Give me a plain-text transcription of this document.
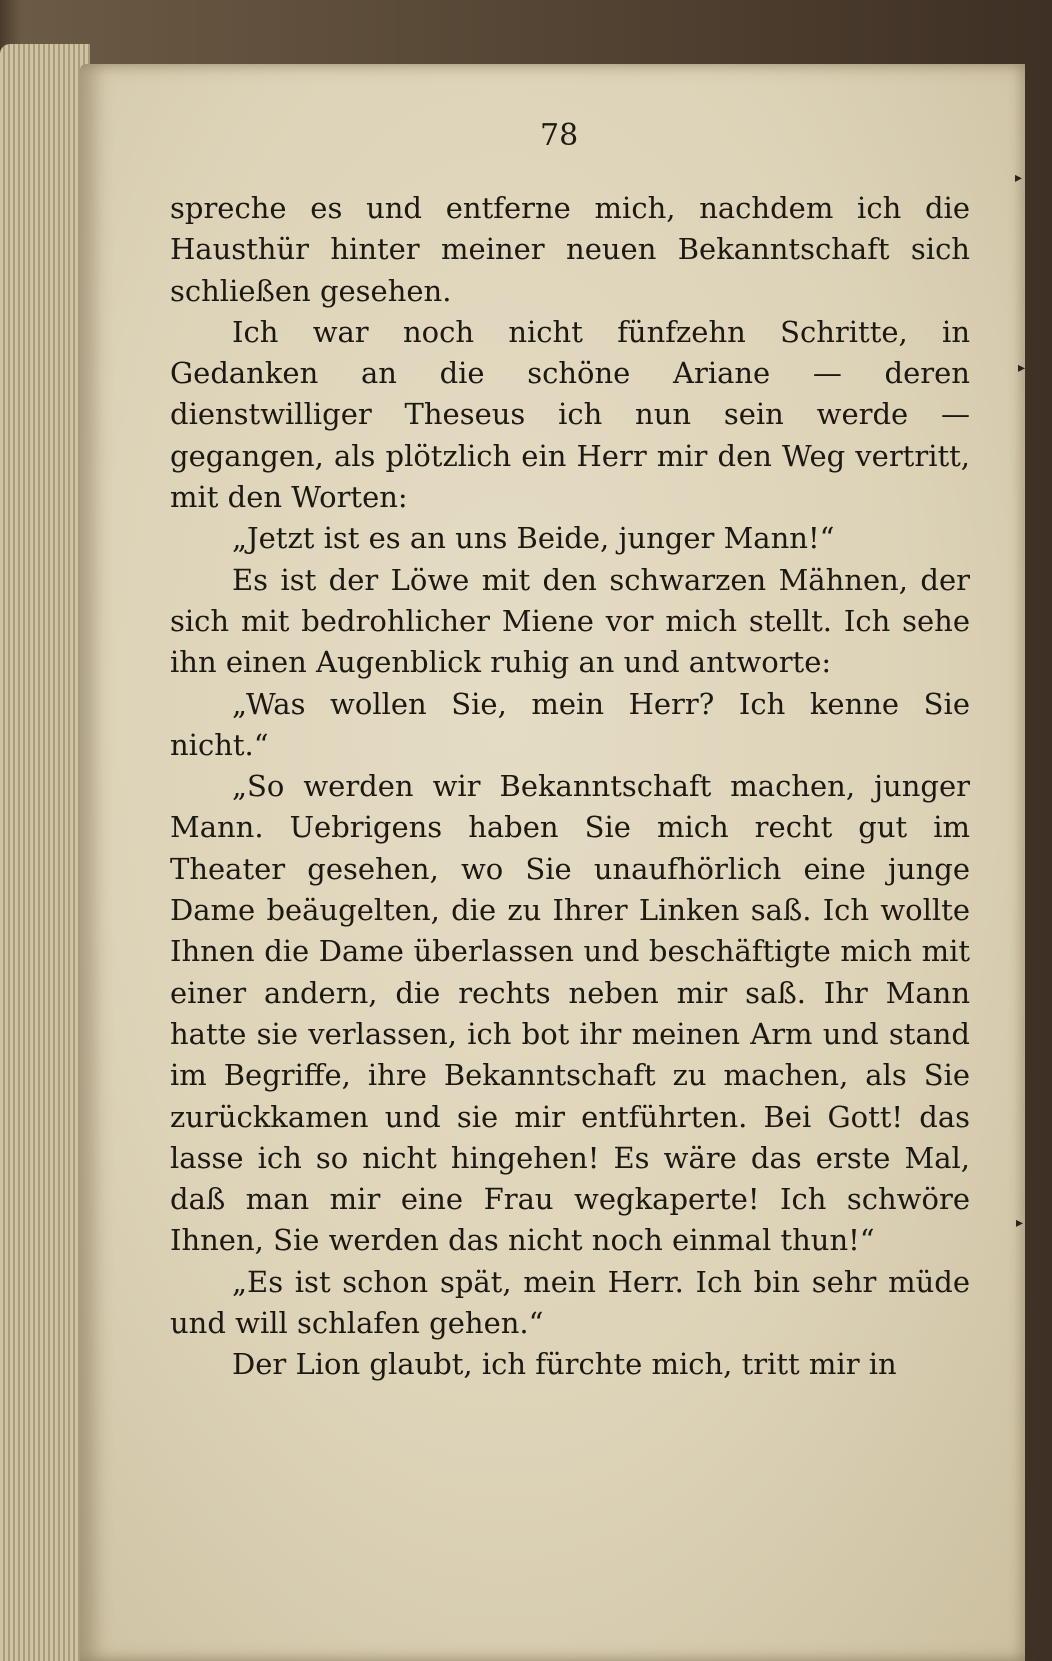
78

spreche es und entferne mich, nachdem ich die Hausthür hinter meiner neuen Bekanntschaft sich schließen gesehen.

Ich war noch nicht fünfzehn Schritte, in Gedanken an die schöne Ariane — deren dienstwilliger Theseus ich nun sein werde — gegangen, als plötzlich ein Herr mir den Weg vertritt, mit den Worten:

„Jetzt ist es an uns Beide, junger Mann!“

Es ist der Löwe mit den schwarzen Mähnen, der sich mit bedrohlicher Miene vor mich stellt. Ich sehe ihn einen Augenblick ruhig an und antworte:

„Was wollen Sie, mein Herr? Ich kenne Sie nicht.“

„So werden wir Bekanntschaft machen, junger Mann. Uebrigens haben Sie mich recht gut im Theater gesehen, wo Sie unaufhörlich eine junge Dame beäugelten, die zu Ihrer Linken saß. Ich wollte Ihnen die Dame überlassen und beschäftigte mich mit einer andern, die rechts neben mir saß. Ihr Mann hatte sie verlassen, ich bot ihr meinen Arm und stand im Begriffe, ihre Bekanntschaft zu machen, als Sie zurückkamen und sie mir entführten. Bei Gott! das lasse ich so nicht hingehen! Es wäre das erste Mal, daß man mir eine Frau wegkaperte! Ich schwöre Ihnen, Sie werden das nicht noch einmal thun!“

„Es ist schon spät, mein Herr. Ich bin sehr müde und will schlafen gehen.“

Der Lion glaubt, ich fürchte mich, tritt mir in

▸
▸
▸
